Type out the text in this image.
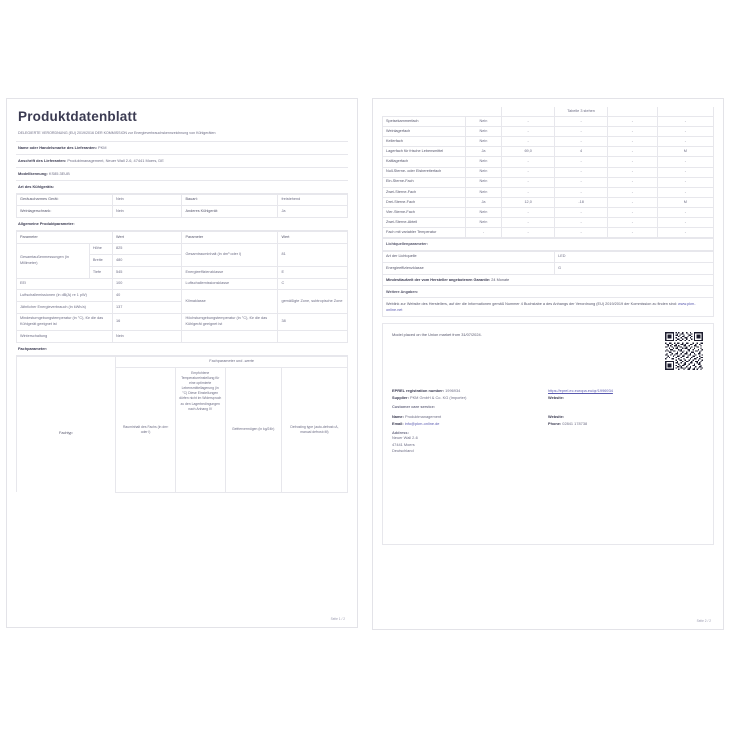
Produktdatenblatt
DELEGIERTE VERORDNUNG (EU) 2019/2016 DER KOMMISSION zur Energieverbrauchskennzeichnung von Kühlgeräten
Name oder Handelsmarke des Lieferanten: PKM
Anschrift des Lieferanten: Produktmanagement, Neuer Wall 2-6, 47441 Moers, DE
Modellkennung: KS85.3EUB
Art des Kühlgeräts:
Geräuscharmes Gerät:	Nein	Bauart:	freistehend
Weinlagerschrank:	Nein	Anderes Kühlgerät:	Ja
Allgemeine Produktparameter:
Parameter		Wert	Parameter	Wert
Gesamtaußenmessungen (in Millimeter)	Höhe	825	Gesamtrauminhalt (in dm³ oder l)	81
	Breite	480		
	Tiefe	545	Energieeffizienzklasse	E
EEI		100	Luftschallemissionsklasse	C
Luftschallemissionen (in dB(A) re 1 pW)		40	Klimaklasse	gemäßigte Zone, subtropische Zone
Jährlicher Energieverbrauch (in kWh/a)		137		
Mindestumgebungstemperatur (in °C), für die das Kühlgerät geeignet ist		16	Höchstumgebungstemperatur (in °C), für die das Kühlgerät geeignet ist	38
Winterschaltung		Nein		
Fachparameter:
	Fachparameter und -werte			
	Rauminhalt des Fachs (in dm³ oder l)	Empfohlene Temperatureinstellung für eine optimierte Lebensmittellagerung (in °C) Diese Einstellungen dürfen nicht im Widerspruch zu den Lagerbedingungen nach Anhang IV	Gefriervermögen (in kg/24h)	Defrosting type (auto-defrost=A, manual defrost=M)
Fachtyp
Seite 1 / 2
			Tabelle 3 stehen		
Speisekammerfach	Nein	-	-	-	-
Weinlagerfach	Nein	-	-	-	-
Kellerfach	Nein	-	-	-	-
Lagerfach für frische Lebensmittel	Ja	69,0	4	-	M
Kaltlagerfach	Nein	-	-	-	-
Null-Sterne- oder Eisbereiterfach	Nein	-	-	-	-
Ein-Sterne-Fach	Nein	-	-	-	-
Zwei-Sterne-Fach	Nein	-	-	-	-
Drei-Sterne-Fach	Ja	12,0	-18	-	M
Vier-Sterne-Fach	Nein	-	-	-	-
Zwei-Sterne-Abteil	Nein	-	-	-	-
Fach mit variabler Temperatur	-	-	-	-	-
Lichtquellenparameter:
Art der Lichtquelle	LED
Energieeffizienzklasse	G
Mindestlaufzeit der vom Hersteller angebotenen Garantie: 24 Monate
Weitere Angaben:
Weblink zur Website des Herstellers, auf der die Informationen gemäß Nummer 4 Buchstabe a des Anhangs der Verordnung (EU) 2019/2019 der Kommission zu finden sind: www.pkm-online.net
Model placed on the Union market from 31/07/2024.
EPREL registration number: 1996934
Supplier: PKM GmbH & Co. KG (Importer)
https://eprel.ec.europa.eu/qr/1996934
Website:
Customer care service:
Name: Produktmanagement
Email: info@pkm-online.de
Website:
Phone: 02841 178738
Address:
Neuer Wall 2-6
47441 Moers
Deutschland
Seite 2 / 2
